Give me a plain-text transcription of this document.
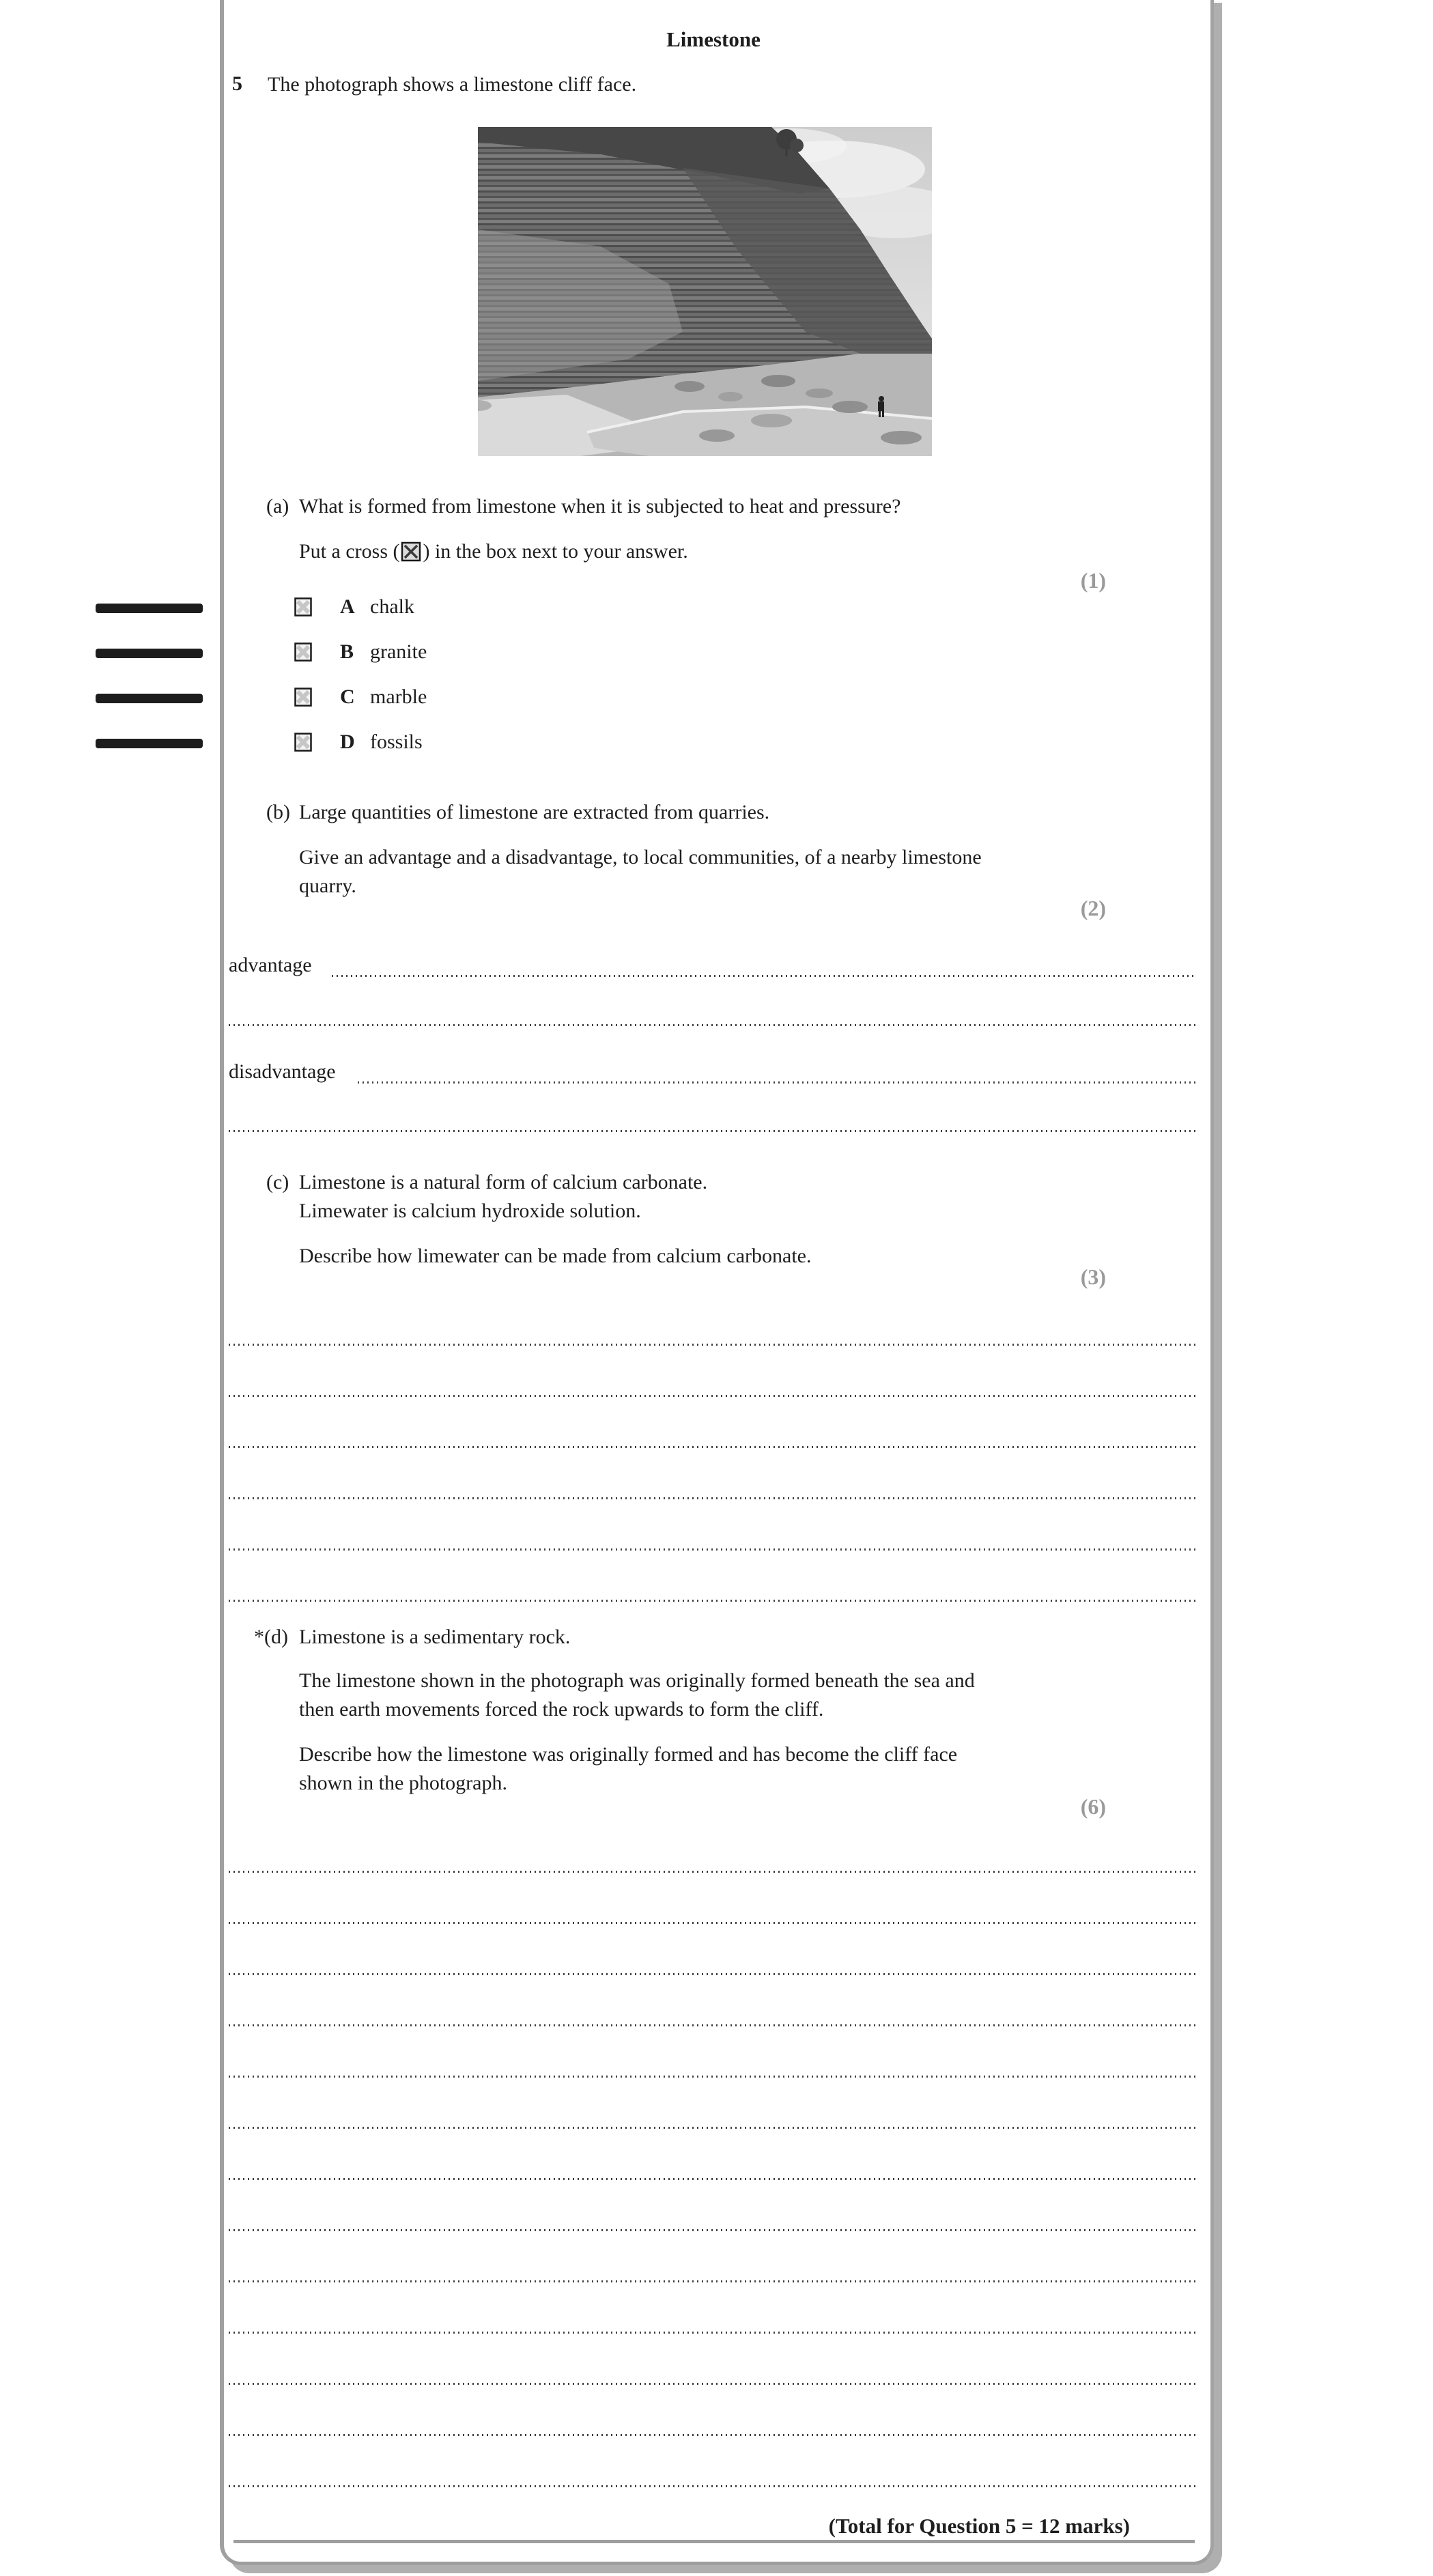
Limestone
5 The photograph shows a limestone cliff face.
(a) What is formed from limestone when it is subjected to heat and pressure?
Put a cross ( ☒ ) in the box next to your answer.
(1)
A chalk
B granite
C marble
D fossils
(b) Large quantities of limestone are extracted from quarries.
Give an advantage and a disadvantage, to local communities, of a nearby limestone
quarry.
(2)
advantage
disadvantage
(c) Limestone is a natural form of calcium carbonate.
Limewater is calcium hydroxide solution.
Describe how limewater can be made from calcium carbonate.
(3)
*(d) Limestone is a sedimentary rock.
The limestone shown in the photograph was originally formed beneath the sea and
then earth movements forced the rock upwards to form the cliff.
Describe how the limestone was originally formed and has become the cliff face
shown in the photograph.
(6)
(Total for Question 5 = 12 marks)
